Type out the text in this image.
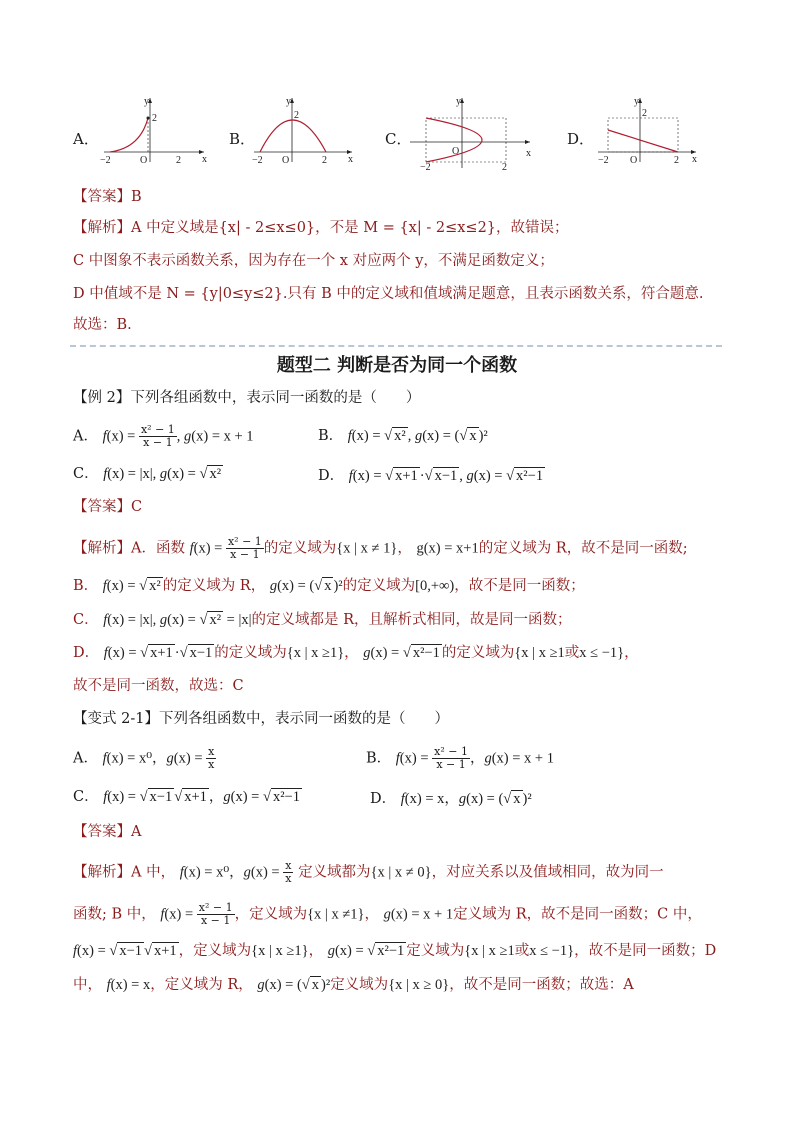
A．
y
2
x
O
−2	2
B．
y
2
x
O
−2	2
C．
y
x
O
−2	2
D．
y
2
x
O
−2	2
【答案】B
【解析】A 中定义域是{x| - 2≤x≤0}，不是 M = {x| - 2≤x≤2}，故错误；
C 中图象不表示函数关系，因为存在一个 x 对应两个 y，不满足函数定义；
D 中值域不是 N = {y|0≤y≤2}.只有 B 中的定义域和值域满足题意，且表示函数关系，符合题意.
故选：B.
题型二 判断是否为同一个函数
【例 2】下列各组函数中，表示同一函数的是（　　）
A． $f(x) = \frac{\text{x² − 1}}{x - 1}$ , g(x) = x + 1	B． f(x) = √ x² , g(x) = (√ x )²
C． f(x) = |x|, g(x) = √ x²	D． f(x) = √ x+1 ·√ x−1 , g(x) = √ x²−1
【答案】C
【解析】A．函数 $f(x) = \frac{\text{x² − 1}}{x - 1}$ 的定义域为{x | x ≠ 1}， g(x) = x+1的定义域为 R，故不是同一函数;
B． f(x) = √ x² 的定义域为 R， g(x) = (√ x )²的定义域为[0,+∞)，故不是同一函数；
C． f(x) = |x|, g(x) = √ x² = |x|的定义域都是 R，且解析式相同，故是同一函数；
D． f(x) = √ x+1 ·√ x−1 的定义域为{x | x ≥1}， g(x) = √ x²−1 的定义域为{x | x ≥1或x ≤ −1}，
故不是同一函数，故选：C
【变式 2-1】下列各组函数中，表示同一函数的是（　　）
A． f(x) = x⁰，$g(x) = \frac{x}{x}$	B． $f(x) = \frac{\text{x² − 1}}{x - 1}$ ，g(x) = x + 1
C． f(x) = √ x−1 √ x+1 ，g(x) = √ x²−1	D． f(x) = x，g(x) = (√ x )²
【答案】A
【解析】A 中， f(x) = x⁰，$g(x) = \frac{x}{x}$ 定义域都为{x | x ≠ 0}，对应关系以及值域相同，故为同一
函数; B 中， $f(x) = \frac{\text{x² − 1}}{x - 1}$ ，定义域为{x | x ≠1}， g(x) = x + 1定义域为 R，故不是同一函数；C 中，
f(x) = √ x−1 √ x+1 ，定义域为{x | x ≥1}， g(x) = √ x²−1 定义域为{x | x ≥1或x ≤ −1}，故不是同一函数；D
中， f(x) = x，定义域为 R， g(x) = (√ x )²定义域为{x | x ≥ 0}，故不是同一函数；故选：A
